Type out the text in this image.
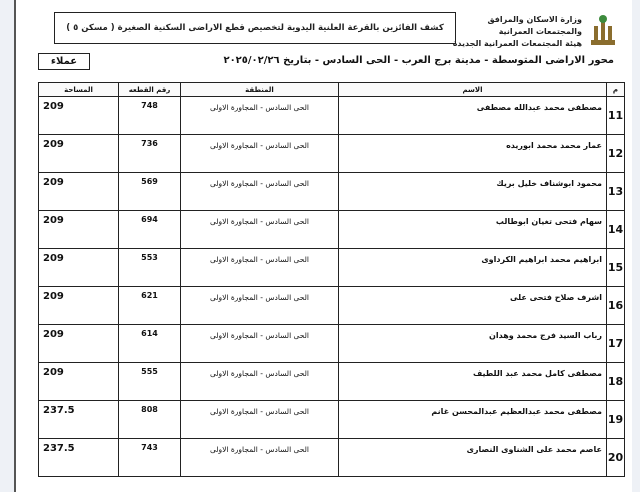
وزارة الاسكان والمرافق والمجتمعات العمرانية
هيئة المجتمعات العمرانية الجديدة
كشف الفائزين بالقرعة العلنية اليدوية لتخصيص قطع الاراضى السكنية الصغيرة ( مسكن ٥ )
محور الاراضى المتوسطة - مدينة برج العرب - الحى السادس - بتاريخ ٢٠٢٥/٠٢/٢٦
عملاء
م	الاسم	المنطقة	رقم القطعه	المساحة
11	مصطفى محمد عبدالله مصطفى	الحى السادس - المجاورة الاولى	748	209
12	عمار محمد محمد ابوريده	الحى السادس - المجاورة الاولى	736	209
13	محمود ابوشناف خليل بريك	الحى السادس - المجاورة الاولى	569	209
14	سهام فتحى تغيان ابوطالب	الحى السادس - المجاورة الاولى	694	209
15	ابراهيم محمد ابراهيم الكرداوى	الحى السادس - المجاورة الاولى	553	209
16	اشرف صلاح فتحى على	الحى السادس - المجاورة الاولى	621	209
17	رباب السيد فرج محمد وهدان	الحى السادس - المجاورة الاولى	614	209
18	مصطفى كامل محمد عبد اللطيف	الحى السادس - المجاورة الاولى	555	209
19	مصطفى محمد عبدالعظيم عبدالمحسن غانم	الحى السادس - المجاورة الاولى	808	237.5
20	عاصم محمد على الشناوى النصارى	الحى السادس - المجاورة الاولى	743	237.5
